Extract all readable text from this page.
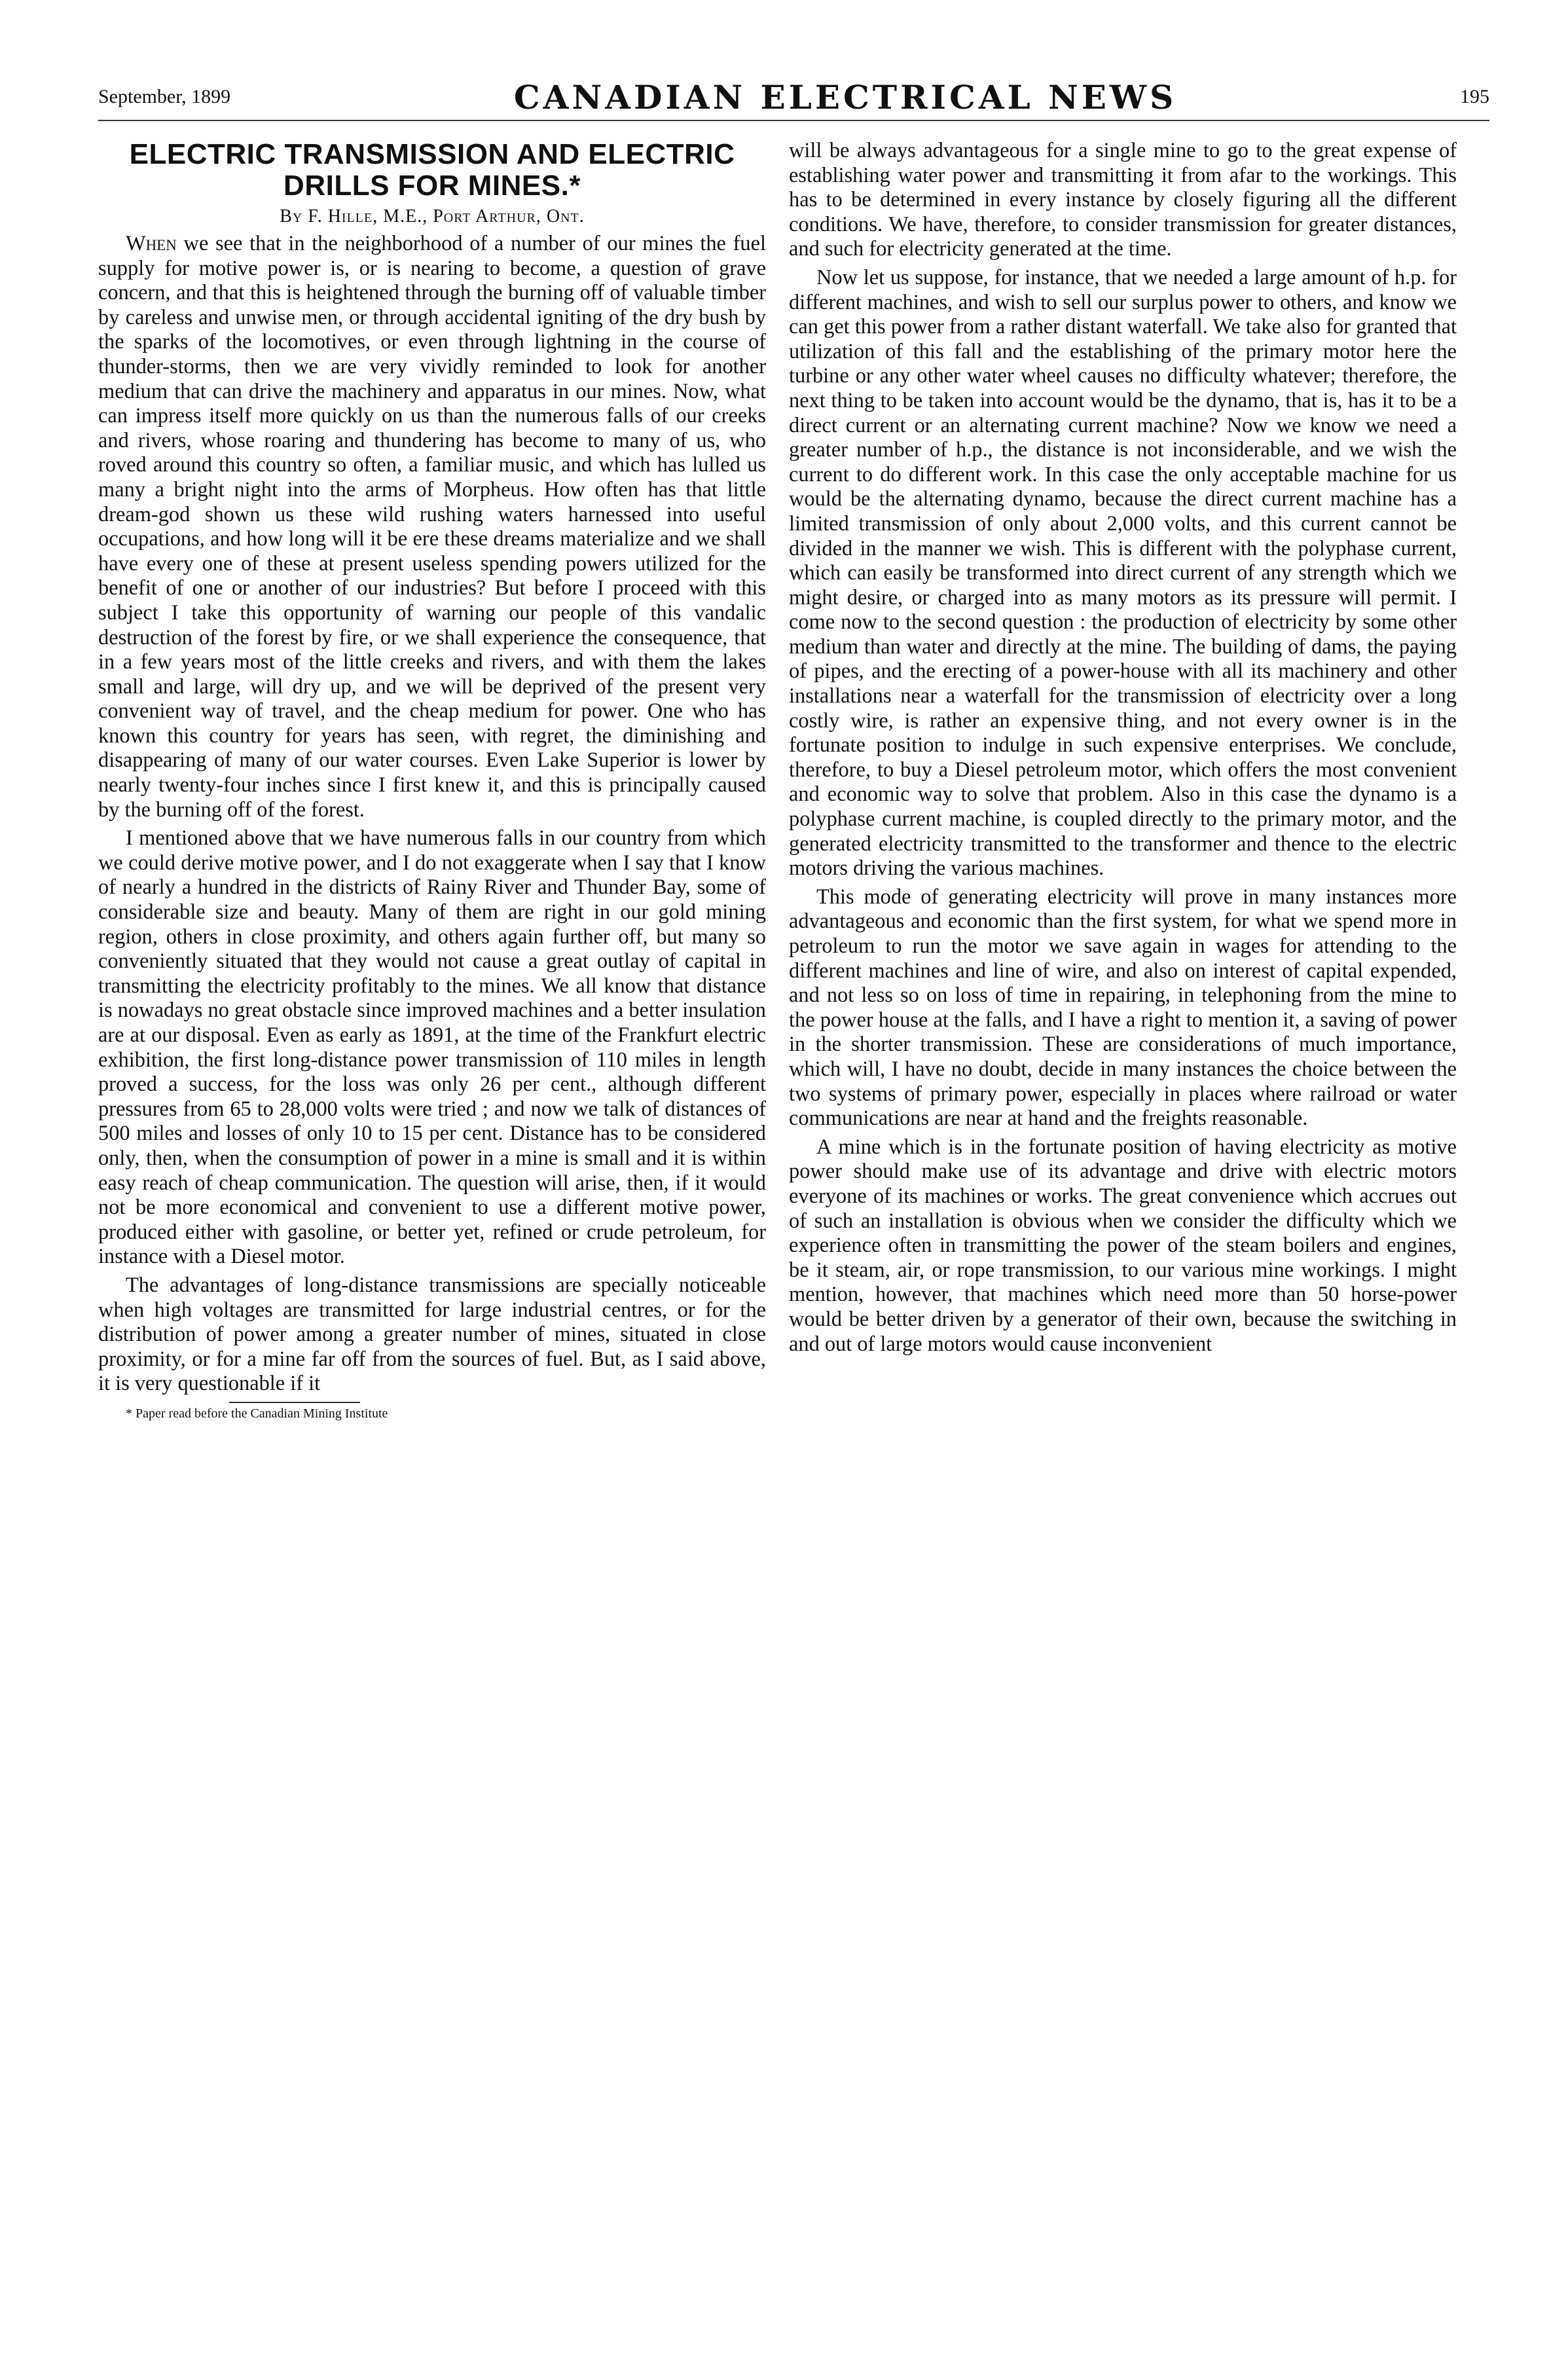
September, 1899	CANADIAN ELECTRICAL NEWS	195
ELECTRIC TRANSMISSION AND ELECTRIC DRILLS FOR MINES.*
By F. Hille, M.E., Port Arthur, Ont.

When we see that in the neighborhood of a number of our mines the fuel supply for motive power is, or is nearing to become, a question of grave concern, and that this is heightened through the burning off of valuable timber by careless and unwise men, or through accidental igniting of the dry bush by the sparks of the locomotives, or even through lightning in the course of thunder-storms, then we are very vividly reminded to look for another medium that can drive the machinery and apparatus in our mines. Now, what can impress itself more quickly on us than the numerous falls of our creeks and rivers, whose roaring and thundering has become to many of us, who roved around this country so often, a familiar music, and which has lulled us many a bright night into the arms of Morpheus. How often has that little dream-god shown us these wild rushing waters harnessed into useful occupations, and how long will it be ere these dreams materialize and we shall have every one of these at present useless spending powers utilized for the benefit of one or another of our industries? But before I proceed with this subject I take this opportunity of warning our people of this vandalic destruction of the forest by fire, or we shall experience the consequence, that in a few years most of the little creeks and rivers, and with them the lakes small and large, will dry up, and we will be deprived of the present very convenient way of travel, and the cheap medium for power. One who has known this country for years has seen, with regret, the diminishing and disappearing of many of our water courses. Even Lake Superior is lower by nearly twenty-four inches since I first knew it, and this is principally caused by the burning off of the forest.

I mentioned above that we have numerous falls in our country from which we could derive motive power, and I do not exaggerate when I say that I know of nearly a hundred in the districts of Rainy River and Thunder Bay, some of considerable size and beauty. Many of them are right in our gold mining region, others in close proximity, and others again further off, but many so conveniently situated that they would not cause a great outlay of capital in transmitting the electricity profitably to the mines. We all know that distance is nowadays no great obstacle since improved machines and a better insulation are at our disposal. Even as early as 1891, at the time of the Frankfurt electric exhibition, the first long-distance power transmission of 110 miles in length proved a success, for the loss was only 26 per cent., although different pressures from 65 to 28,000 volts were tried ; and now we talk of distances of 500 miles and losses of only 10 to 15 per cent. Distance has to be considered only, then, when the consumption of power in a mine is small and it is within easy reach of cheap communication. The question will arise, then, if it would not be more economical and convenient to use a different motive power, produced either with gasoline, or better yet, refined or crude petroleum, for instance with a Diesel motor.

The advantages of long-distance transmissions are specially noticeable when high voltages are transmitted for large industrial centres, or for the distribution of power among a greater number of mines, situated in close proximity, or for a mine far off from the sources of fuel. But, as I said above, it is very questionable if it

* Paper read before the Canadian Mining Institute

will be always advantageous for a single mine to go to the great expense of establishing water power and transmitting it from afar to the workings. This has to be determined in every instance by closely figuring all the different conditions. We have, therefore, to consider transmission for greater distances, and such for electricity generated at the time.

Now let us suppose, for instance, that we needed a large amount of h.p. for different machines, and wish to sell our surplus power to others, and know we can get this power from a rather distant waterfall. We take also for granted that utilization of this fall and the establishing of the primary motor here the turbine or any other water wheel causes no difficulty whatever; therefore, the next thing to be taken into account would be the dynamo, that is, has it to be a direct current or an alternating current machine? Now we know we need a greater number of h.p., the distance is not inconsiderable, and we wish the current to do different work. In this case the only acceptable machine for us would be the alternating dynamo, because the direct current machine has a limited transmission of only about 2,000 volts, and this current cannot be divided in the manner we wish. This is different with the polyphase current, which can easily be transformed into direct current of any strength which we might desire, or charged into as many motors as its pressure will permit. I come now to the second question : the production of electricity by some other medium than water and directly at the mine. The building of dams, the paying of pipes, and the erecting of a power-house with all its machinery and other installations near a waterfall for the transmission of electricity over a long costly wire, is rather an expensive thing, and not every owner is in the fortunate position to indulge in such expensive enterprises. We conclude, therefore, to buy a Diesel petroleum motor, which offers the most convenient and economic way to solve that problem. Also in this case the dynamo is a polyphase current machine, is coupled directly to the primary motor, and the generated electricity transmitted to the transformer and thence to the electric motors driving the various machines.

This mode of generating electricity will prove in many instances more advantageous and economic than the first system, for what we spend more in petroleum to run the motor we save again in wages for attending to the different machines and line of wire, and also on interest of capital expended, and not less so on loss of time in repairing, in telephoning from the mine to the power house at the falls, and I have a right to mention it, a saving of power in the shorter transmission. These are considerations of much importance, which will, I have no doubt, decide in many instances the choice between the two systems of primary power, especially in places where railroad or water communications are near at hand and the freights reasonable.

A mine which is in the fortunate position of having electricity as motive power should make use of its advantage and drive with electric motors everyone of its machines or works. The great convenience which accrues out of such an installation is obvious when we consider the difficulty which we experience often in transmitting the power of the steam boilers and engines, be it steam, air, or rope transmission, to our various mine workings. I might mention, however, that machines which need more than 50 horse-power would be better driven by a generator of their own, because the switching in and out of large motors would cause inconvenient
